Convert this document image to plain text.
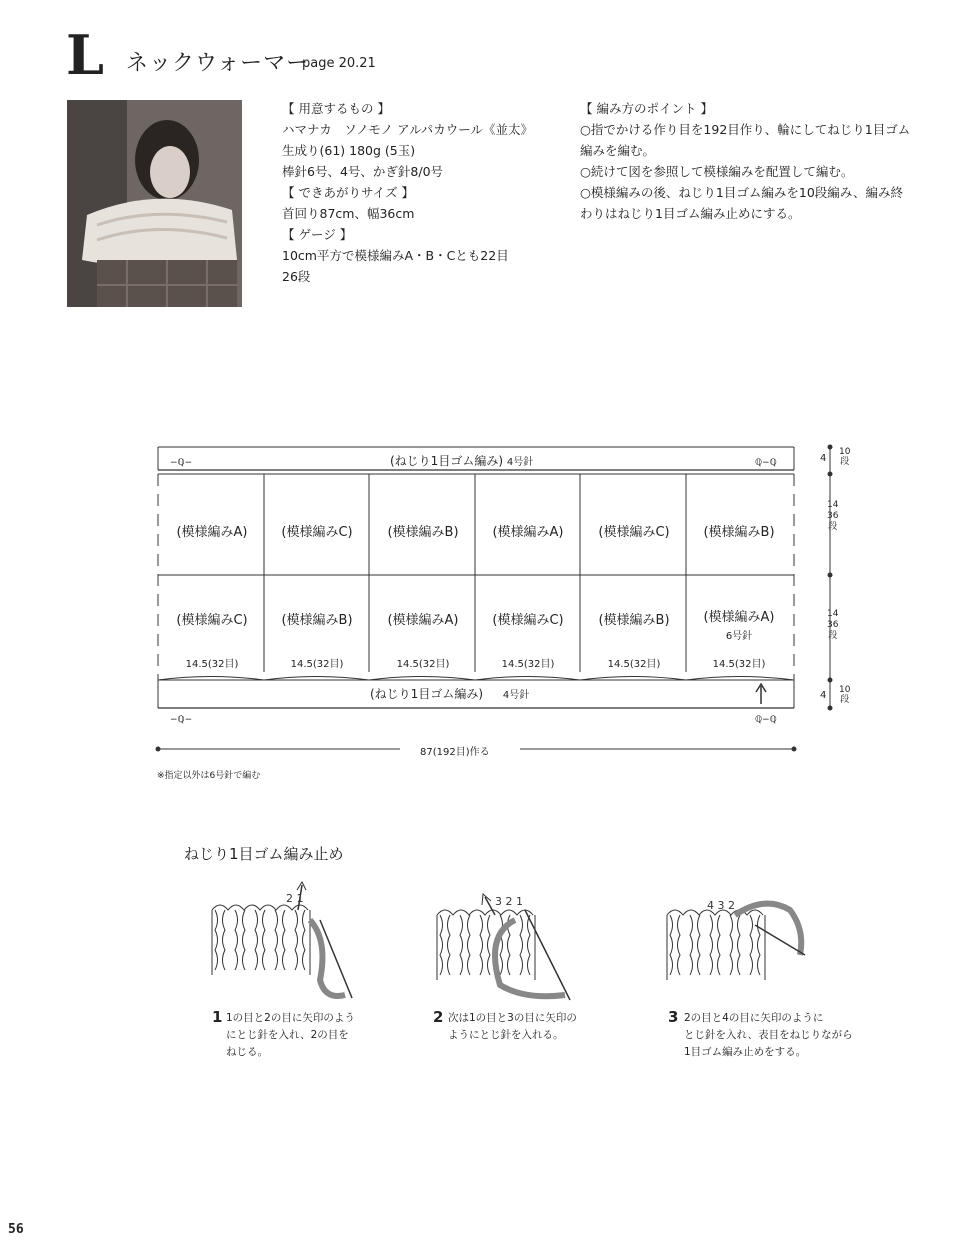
L ネックウォーマー
page 20.21
【 用意するもの 】
ハマナカ　ソノモノ アルパカウール《並太》
生成り(61) 180g (5玉)
棒針6号、4号、かぎ針8/0号
【 できあがりサイズ 】
首回り87cm、幅36cm
【 ゲージ 】
10cm平方で模様編みA・B・Cとも22目
26段
【 編み方のポイント 】
○指でかける作り目を192目作り、輪にしてねじり1目ゴム
編みを編む。
○続けて図を参照して模様編みを配置して編む。
○模様編みの後、ねじり1目ゴム編みを10段編み、編み終
わりはねじり1目ゴム編み止めにする。
(ねじり1目ゴム編み) 4号針
−ℚ−	ℚ−ℚ
(模様編みA)	(模様編みC)	(模様編みB)	(模様編みA)	(模様編みC)	(模様編みB)
(模様編みC)	(模様編みB)	(模様編みA)	(模様編みC)	(模様編みB)	(模様編みA)
6号針
14.5(32目)	14.5(32目)	14.5(32目)	14.5(32目)	14.5(32目)	14.5(32目)
(ねじり1目ゴム編み) 4号針
−ℚ−	ℚ−ℚ
87(192目)作る
4
10
段
14
36
段
14
36
段
4 10
段
※指定以外は6号針で編む
ねじり1目ゴム編み止め
2 1	3 2 1	4 3 2
1 1の目と2の目に矢印のよう
にとじ針を入れ、2の目を
ねじる。
2 次は1の目と3の目に矢印の
ようにとじ針を入れる。
3 2の目と4の目に矢印のように
とじ針を入れ、表目をねじりながら
1目ゴム編み止めをする。
56
